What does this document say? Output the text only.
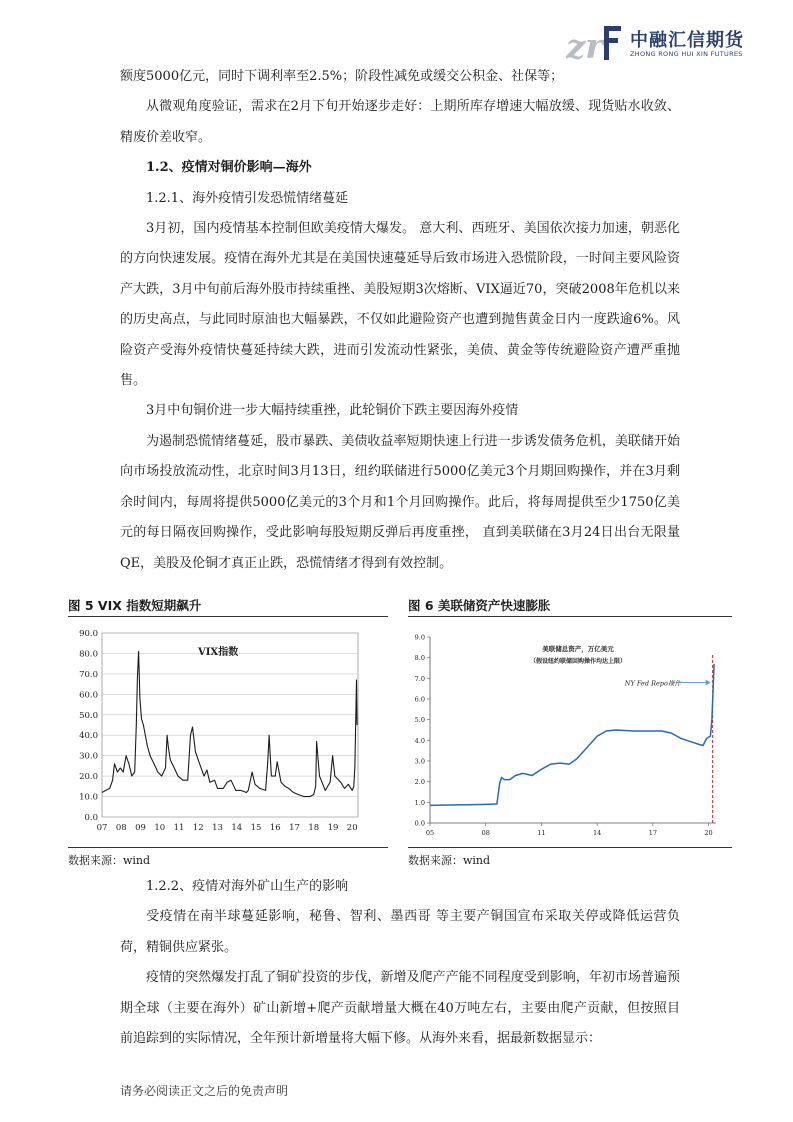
zr 中融汇信期货
ZHONG RONG HUI XIN FUTURES

额度5000亿元，同时下调利率至2.5%；阶段性减免或缓交公积金、社保等；

从微观角度验证，需求在2月下旬开始逐步走好：上期所库存增速大幅放缓、现货贴水收敛、精废价差收窄。

1.2、疫情对铜价影响—海外

1.2.1、海外疫情引发恐慌情绪蔓延

3月初，国内疫情基本控制但欧美疫情大爆发。 意大利、西班牙、美国依次接力加速，朝恶化的方向快速发展。疫情在海外尤其是在美国快速蔓延导后致市场进入恐慌阶段，一时间主要风险资产大跌，3月中旬前后海外股市持续重挫、美股短期3次熔断、VIX逼近70，突破2008年危机以来的历史高点，与此同时原油也大幅暴跌，不仅如此避险资产也遭到抛售黄金日内一度跌逾6%。风险资产受海外疫情快蔓延持续大跌，进而引发流动性紧张，美债、黄金等传统避险资产遭严重抛售。

3月中旬铜价进一步大幅持续重挫，此轮铜价下跌主要因海外疫情

为遏制恐慌情绪蔓延，股市暴跌、美债收益率短期快速上行进一步诱发债务危机，美联储开始向市场投放流动性，北京时间3月13日，纽约联储进行5000亿美元3个月期回购操作，并在3月剩余时间内，每周将提供5000亿美元的3个月和1个月回购操作。此后，将每周提供至少1750亿美元的每日隔夜回购操作，受此影响每股短期反弹后再度重挫， 直到美联储在3月24日出台无限量QE，美股及伦铜才真正止跌，恐慌情绪才得到有效控制。

图 5 VIX 指数短期飙升	图 6 美联储资产快速膨胀
0.0
10.0
20.0
30.0
40.0
50.0
60.0
70.0
80.0
90.0
07 08 09 10 11 12 13 14 15 16 17 18 19 20
VIX指数
0.0
1.0
2.0
3.0
4.0
5.0
6.0
7.0
8.0
9.0
05	08	11	14	17	20
美联储总资产，万亿美元
（假设纽约联储回购操作均达上限）
NY Fed Repo操作
数据来源：wind	数据来源：wind

1.2.2、疫情对海外矿山生产的影响

受疫情在南半球蔓延影响，秘鲁、智利、墨西哥 等主要产铜国宣布采取关停或降低运营负荷，精铜供应紧张。

疫情的突然爆发打乱了铜矿投资的步伐，新增及爬产产能不同程度受到影响，年初市场普遍预期全球（主要在海外）矿山新增+爬产贡献增量大概在40万吨左右，主要由爬产贡献，但按照目前追踪到的实际情况，全年预计新增量将大幅下修。从海外来看，据最新数据显示：

请务必阅读正文之后的免责声明
